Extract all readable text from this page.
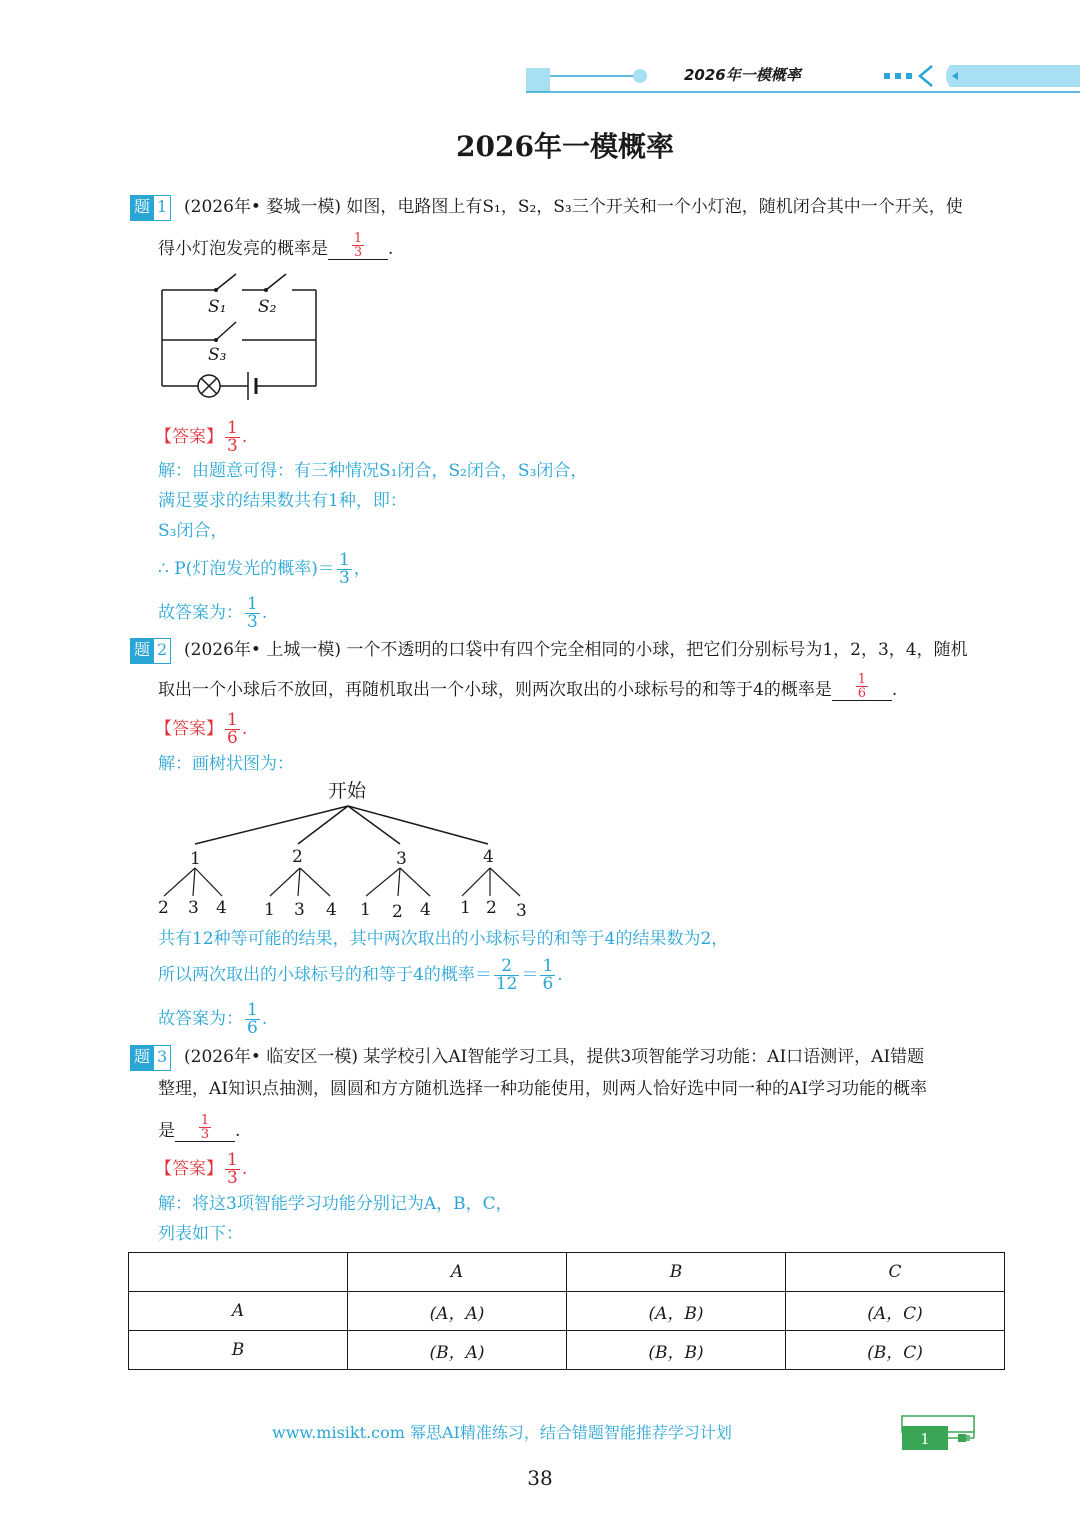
2026年一模概率
2026年一模概率
题 1 (2026年• 婺城一模) 如图，电路图上有S₁，S₂，S₃三个开关和一个小灯泡，随机闭合其中一个开关，使
得小灯泡发亮的概率是 $\frac{1}{3}$ .
S₁ S₂
S₃
【答案】 $\frac{1}{3}$ .
解：由题意可得：有三种情况S₁闭合，S₂闭合，S₃闭合，
满足要求的结果数共有1种，即：
S₃闭合，
∴ P(灯泡发光的概率)＝ $\frac{1}{3}$ ，
故答案为： $\frac{1}{3}$ .
题 2 (2026年• 上城一模) 一个不透明的口袋中有四个完全相同的小球，把它们分别标号为1，2，3，4，随机
取出一个小球后不放回，再随机取出一个小球，则两次取出的小球标号的和等于4的概率是 $\frac{1}{6}$ .
【答案】 $\frac{1}{6}$ .
解：画树状图为：
开始
1	2	3	4
2 3 4 1 3 4 1 2 4 1 2 3
共有12种等可能的结果，其中两次取出的小球标号的和等于4的结果数为2，
所以两次取出的小球标号的和等于4的概率＝ $\frac{2}{12} = \frac{1}{6}$ .
故答案为： $\frac{1}{6}$ .
题 3 (2026年• 临安区一模) 某学校引入AI智能学习工具，提供3项智能学习功能：AI口语测评，AI错题
整理，AI知识点抽测，圆圆和方方随机选择一种功能使用，则两人恰好选中同一种的AI学习功能的概率
是 $\frac{1}{3}$ .
【答案】 $\frac{1}{3}$ .
解：将这3项智能学习功能分别记为A，B，C，
列表如下：
	A	B	C
A	(A，A)	(A，B)	(A，C)
B	(B，A)	(B，B)	(B，C)
www.misikt.com 幂思AI精准练习，结合错题智能推荐学习计划	1
38
